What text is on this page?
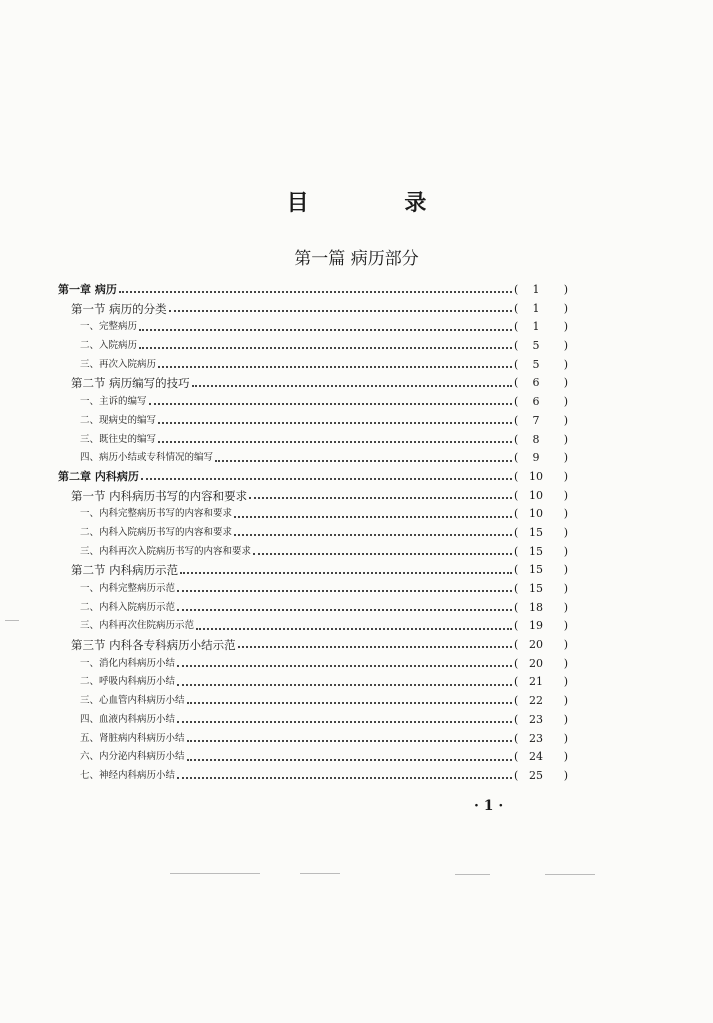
目 录
第一篇 病历部分
第一章 病历	( 1 )
第一节 病历的分类	( 1 )
一、完整病历	( 1 )
二、入院病历	( 5 )
三、再次入院病历	( 5 )
第二节 病历编写的技巧	( 6 )
一、主诉的编写	( 6 )
二、现病史的编写	( 7 )
三、既往史的编写	( 8 )
四、病历小结或专科情况的编写	( 9 )
第二章 内科病历	( 10 )
第一节 内科病历书写的内容和要求	( 10 )
一、内科完整病历书写的内容和要求	( 10 )
二、内科入院病历书写的内容和要求	( 15 )
三、内科再次入院病历书写的内容和要求	( 15 )
第二节 内科病历示范	( 15 )
一、内科完整病历示范	( 15 )
二、内科入院病历示范	( 18 )
三、内科再次住院病历示范	( 19 )
第三节 内科各专科病历小结示范	( 20 )
一、消化内科病历小结	( 20 )
二、呼吸内科病历小结	( 21 )
三、心血管内科病历小结	( 22 )
四、血液内科病历小结	( 23 )
五、肾脏病内科病历小结	( 23 )
六、内分泌内科病历小结	( 24 )
七、神经内科病历小结	( 25 )
· 1 ·
